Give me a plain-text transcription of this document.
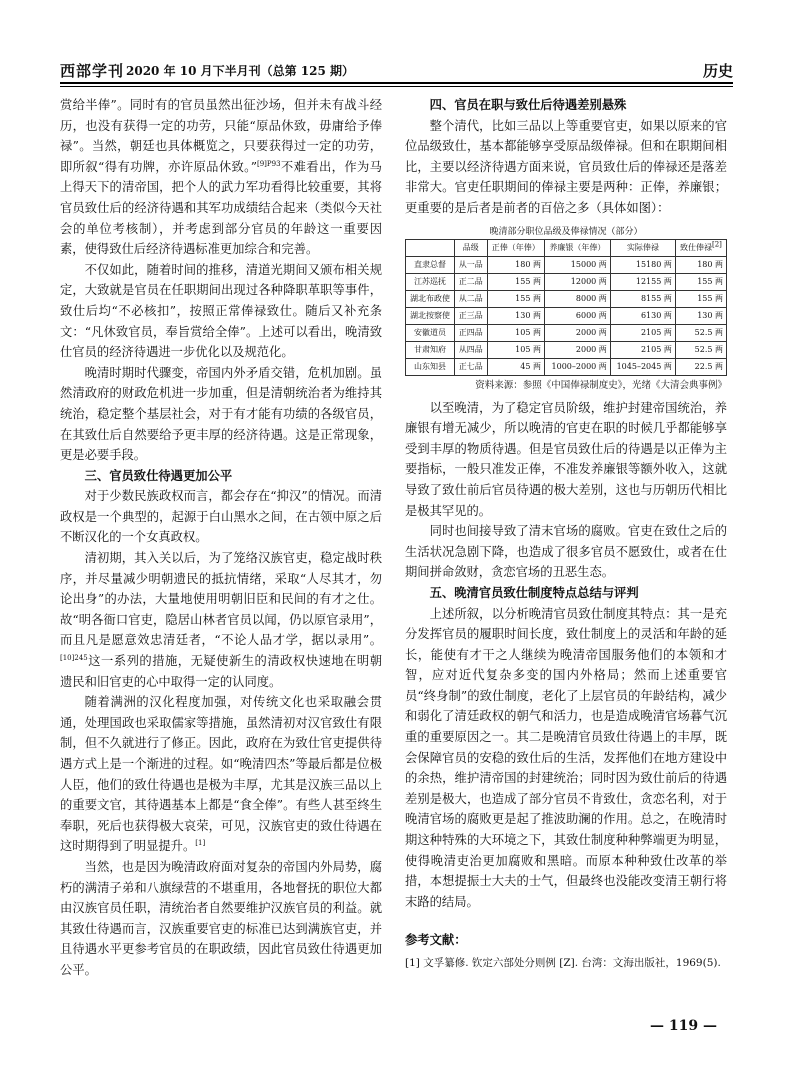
西部学刊 2020 年 10 月下半月刊（总第 125 期）	历史

赏给半俸”。同时有的官员虽然出征沙场，但并未有战斗经历，也没有获得一定的功劳，只能“原品休致，毋庸给予俸禄”。当然，朝廷也具体概览之，只要获得过一定的功劳，即所叙“得有功牌，亦许原品休致。”$^{[9]P93}$不难看出，作为马上得天下的清帝国，把个人的武力军功看得比较重要，其将官员致仕后的经济待遇和其军功成绩结合起来（类似今天社会的单位考核制），并考虑到部分官员的年龄这一重要因素，使得致仕后经济待遇标准更加综合和完善。

不仅如此，随着时间的推移，清道光期间又颁布相关规定，大致就是官员在任职期间出现过各种降职革职等事件，致仕后均“不必核扣”，按照正常俸禄致仕。随后又补充条文：“凡休致官员，奉旨赏给全俸”。上述可以看出，晚清致仕官员的经济待遇进一步优化以及规范化。

晚清时期时代骤变，帝国内外矛盾交错，危机加剧。虽然清政府的财政危机进一步加重，但是清朝统治者为维持其统治，稳定整个基层社会，对于有才能有功绩的各级官员，在其致仕后自然要给予更丰厚的经济待遇。这是正常现象，更是必要手段。

三、官员致仕待遇更加公平

对于少数民族政权而言，都会存在“抑汉”的情况。而清政权是一个典型的，起源于白山黑水之间，在古领中原之后不断汉化的一个女真政权。

清初期，其入关以后，为了笼络汉族官吏，稳定战时秩序，并尽量减少明朝遗民的抵抗情绪，采取“人尽其才，勿论出身”的办法，大量地使用明朝旧臣和民间的有才之仕。故“明各衙口官吏，隐居山林者官员以闻，仍以原官录用”，而且凡是愿意效忠清廷者，“不论人品才学，据以录用”。$^{[10]245}$这一系列的措施，无疑使新生的清政权快速地在明朝遗民和旧官吏的心中取得一定的认同度。

随着满洲的汉化程度加强，对传统文化也采取融会贯通，处理国政也采取儒家等措施，虽然清初对汉官致仕有限制，但不久就进行了修正。因此，政府在为致仕官吏提供待遇方式上是一个渐进的过程。如“晚清四杰”等最后都是位极人臣，他们的致仕待遇也是极为丰厚，尤其是汉族三品以上的重要文官，其待遇基本上都是“食全俸”。有些人甚至终生奉职，死后也获得极大哀荣，可见，汉族官吏的致仕待遇在这时期得到了明显提升。[1]

当然，也是因为晚清政府面对复杂的帝国内外局势，腐朽的满清子弟和八旗绿营的不堪重用，各地督抚的职位大都由汉族官员任职，清统治者自然要维护汉族官员的利益。就其致仕待遇而言，汉族重要官吏的标准已达到满族官吏，并且待遇水平更参考官员的在职政绩，因此官员致仕待遇更加公平。

四、官员在职与致仕后待遇差别悬殊

整个清代，比如三品以上等重要官吏，如果以原来的官位品级致仕，基本都能够享受原品级俸禄。但和在职期间相比，主要以经济待遇方面来说，官员致仕后的俸禄还是落差非常大。官吏任职期间的俸禄主要是两种：正俸，养廉银；更重要的是后者是前者的百倍之多（具体如图）：

晚清部分职位品级及俸禄情况（部分）
	品级	正俸（年俸）	养廉银（年俸）	实际俸禄	致仕俸禄[2]
直隶总督	从一品	180 两	15000 两	15180 两	180 两
江苏巡抚	正二品	155 两	12000 两	12155 两	155 两
湖北布政使	从二品	155 两	8000 两	8155 两	155 两
湖北按察使	正三品	130 两	6000 两	6130 两	130 两
安徽道员	正四品	105 两	2000 两	2105 两	52.5 两
甘肃知府	从四品	105 两	2000 两	2105 两	52.5 两
山东知县	正七品	45 两	1000–2000 两	1045–2045 两	22.5 两
资料来源：参照《中国俸禄制度史》，光绪《大清会典事例》

以至晚清，为了稳定官员阶级，维护封建帝国统治，养廉银有增无减少，所以晚清的官吏在职的时候几乎都能够享受到丰厚的物质待遇。但是官员致仕后的待遇是以正俸为主要指标，一般只准发正俸，不准发养廉银等额外收入，这就导致了致仕前后官员待遇的极大差别，这也与历朝历代相比是极其罕见的。

同时也间接导致了清末官场的腐败。官吏在致仕之后的生活状况急剧下降，也造成了很多官员不愿致仕，或者在仕期间拼命敛财，贪恋官场的丑恶生态。

五、晚清官员致仕制度特点总结与评判

上述所叙，以分析晚清官员致仕制度其特点：其一是充分发挥官员的履职时间长度，致仕制度上的灵活和年龄的延长，能使有才干之人继续为晚清帝国服务他们的本领和才智，应对近代复杂多变的国内外格局；然而上述重要官员“终身制”的致仕制度，老化了上层官员的年龄结构，减少和弱化了清廷政权的朝气和活力，也是造成晚清官场暮气沉重的重要原因之一。其二是晚清官员致仕待遇上的丰厚，既会保障官员的安稳的致仕后的生活，发挥他们在地方建设中的余热，维护清帝国的封建统治；同时因为致仕前后的待遇差别是极大，也造成了部分官员不肯致仕，贪恋名利，对于晚清官场的腐败更是起了推波助澜的作用。总之，在晚清时期这种特殊的大环境之下，其致仕制度种种弊端更为明显，使得晚清吏治更加腐败和黑暗。而原本种种致仕改革的举措，本想提振士大夫的士气，但最终也没能改变清王朝行将末路的结局。

参考文献：
[1] 文孚纂修. 钦定六部处分则例 [Z]. 台湾：文海出版社，1969(5).
— 119 —
